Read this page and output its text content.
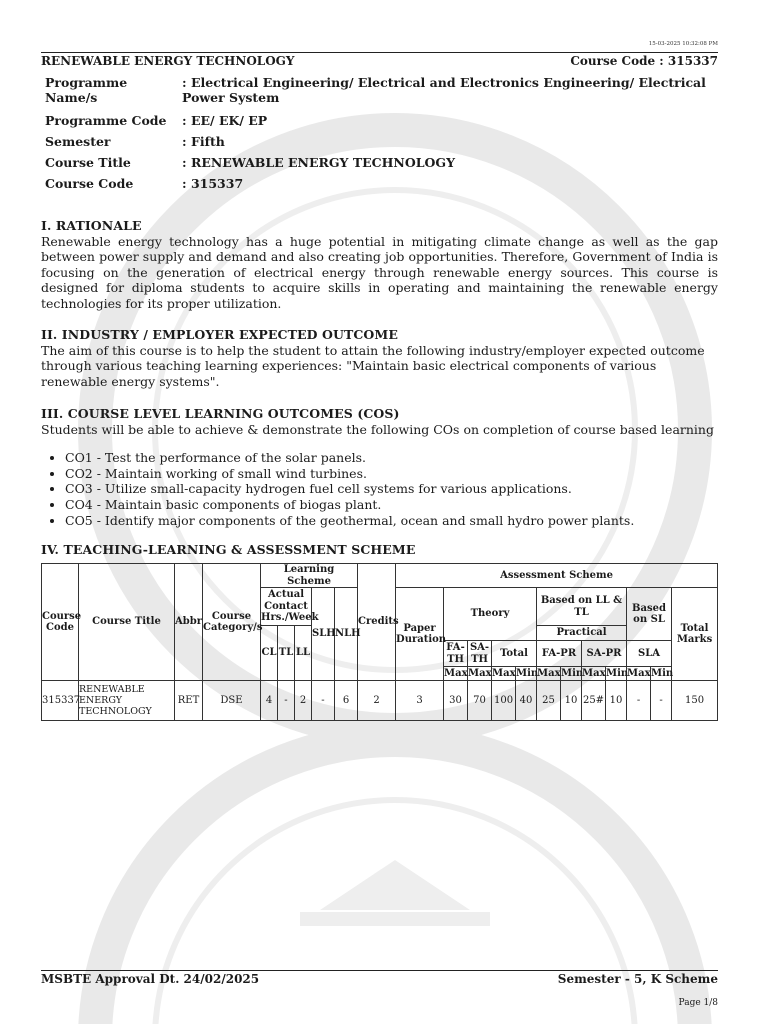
15-03-2025 10:32:08 PM
RENEWABLE ENERGY TECHNOLOGY	Course Code : 315337
Programme Name/s	: Electrical Engineering/ Electrical and Electronics Engineering/ Electrical Power System
Programme Code	: EE/ EK/ EP
Semester	: Fifth
Course Title	: RENEWABLE ENERGY TECHNOLOGY
Course Code	: 315337
I. RATIONALE

Renewable energy technology has a huge potential in mitigating climate change as well as the gap between power supply and demand and also creating job opportunities. Therefore, Government of India is focusing on the generation of electrical energy through renewable energy sources. This course is designed for diploma students to acquire skills in operating and maintaining the renewable energy technologies for its proper utilization.

II. INDUSTRY / EMPLOYER EXPECTED OUTCOME

The aim of this course is to help the student to attain the following industry/employer expected outcome through various teaching learning experiences: "Maintain basic electrical components of various renewable energy systems".

III. COURSE LEVEL LEARNING OUTCOMES (COS)

Students will be able to achieve & demonstrate the following COs on completion of course based learning

• CO1 - Test the performance of the solar panels.
• CO2 - Maintain working of small wind turbines.
• CO3 - Utilize small-capacity hydrogen fuel cell systems for various applications.
• CO4 - Maintain basic components of biogas plant.
• CO5 - Identify major components of the geothermal, ocean and small hydro power plants.
IV. TEACHING-LEARNING & ASSESSMENT SCHEME
Course Code	Course Title	Abbr	Course Category/s	Learning Scheme					Credits	Assessment Scheme											
				Actual Contact Hrs./Week			SLH	NLH		Paper Duration	Theory				Based on LL & TL				Based on SL		Total Marks
				CL	TL	LL									Practical						
											FA-TH	SA-TH	Total		FA-PR		SA-PR		SLA		
											Max	Max	Max	Min	Max	Min	Max	Min	Max	Min	
315337	RENEWABLE ENERGY TECHNOLOGY	RET	DSE	4	-	2	-	6	2	3	30	70	100	40	25	10	25#	10	-	-	150
MSBTE Approval Dt. 24/02/2025	Semester - 5, K Scheme
Page 1/8
